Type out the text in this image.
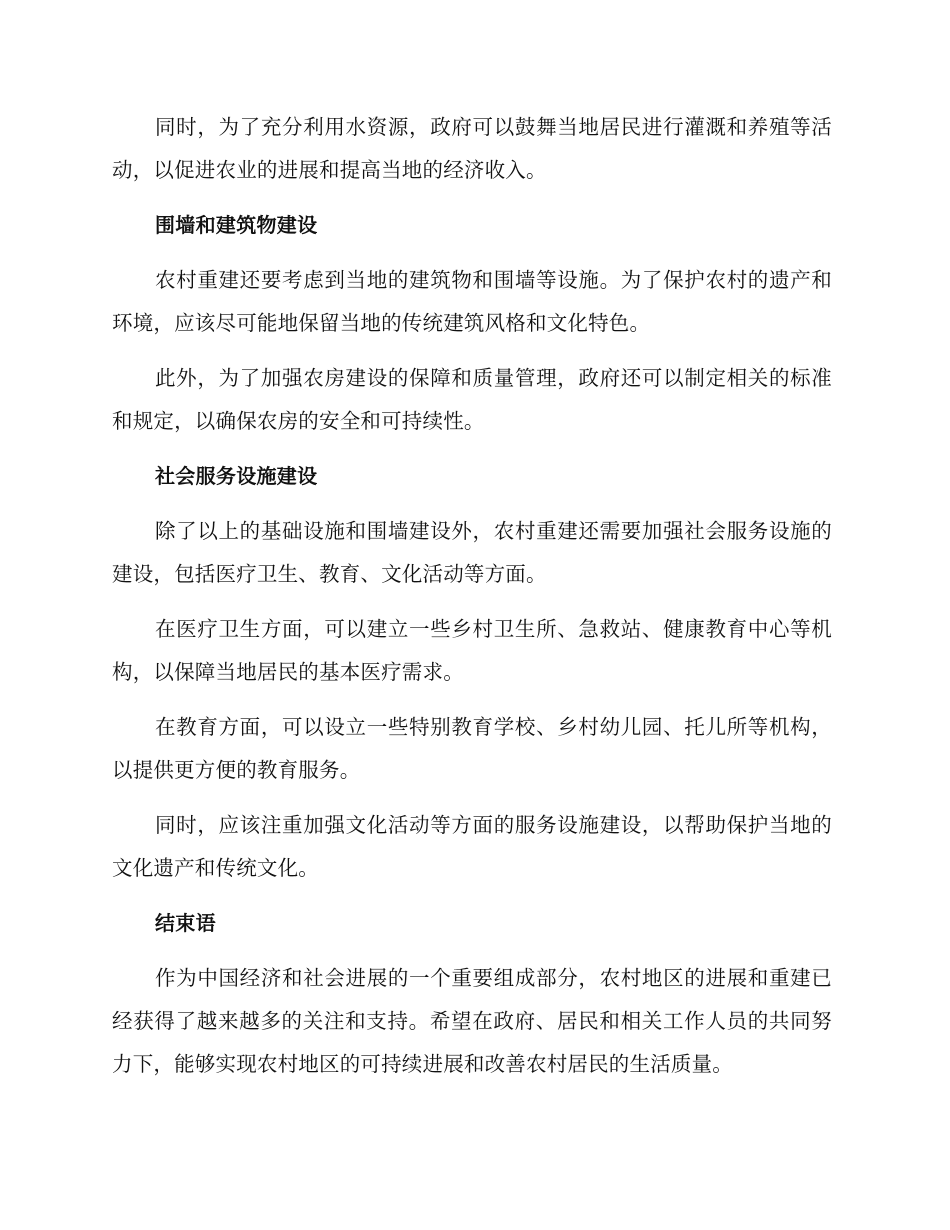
同时，为了充分利用水资源，政府可以鼓舞当地居民进行灌溉和养殖等活动，以促进农业的进展和提高当地的经济收入。

围墙和建筑物建设

农村重建还要考虑到当地的建筑物和围墙等设施。为了保护农村的遗产和环境，应该尽可能地保留当地的传统建筑风格和文化特色。

此外，为了加强农房建设的保障和质量管理，政府还可以制定相关的标准和规定，以确保农房的安全和可持续性。

社会服务设施建设

除了以上的基础设施和围墙建设外，农村重建还需要加强社会服务设施的建设，包括医疗卫生、教育、文化活动等方面。

在医疗卫生方面，可以建立一些乡村卫生所、急救站、健康教育中心等机构，以保障当地居民的基本医疗需求。

在教育方面，可以设立一些特别教育学校、乡村幼儿园、托儿所等机构，以提供更方便的教育服务。

同时，应该注重加强文化活动等方面的服务设施建设，以帮助保护当地的文化遗产和传统文化。

结束语

作为中国经济和社会进展的一个重要组成部分，农村地区的进展和重建已经获得了越来越多的关注和支持。希望在政府、居民和相关工作人员的共同努力下，能够实现农村地区的可持续进展和改善农村居民的生活质量。
